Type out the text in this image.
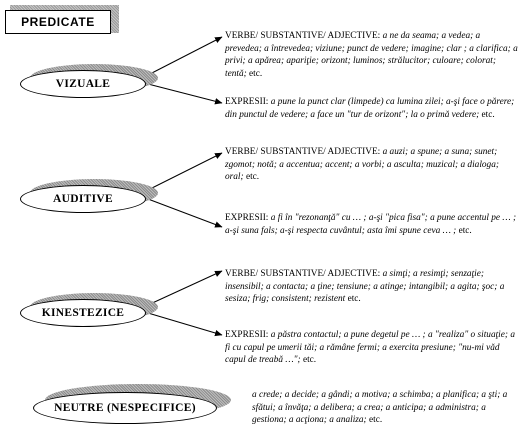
PREDICATE
VIZUALE
AUDITIVE
KINESTEZICE
NEUTRE (NESPECIFICE)
VERBE/ SUBSTANTIVE/ ADJECTIVE: a ne da seama; a vedea; a prevedea; a întrevedea; viziune; punct de vedere; imagine; clar ; a clarifica; a privi; a apărea; apariţie; orizont; luminos; strălucitor; culoare; colorat; tentă; etc.
EXPRESII: a pune la punct clar (limpede) ca lumina zilei; a-şi face o părere; din punctul de vedere; a face un "tur de orizont"; la o primă vedere; etc.
VERBE/ SUBSTANTIVE/ ADJECTIVE: a auzi; a spune; a suna; sunet; zgomot; notă; a accentua; accent; a vorbi; a asculta; muzical; a dialoga; oral; etc.
EXPRESII: a fi în "rezonanţă" cu … ; a-şi "pica fisa"; a pune accentul pe … ; a-şi suna fals; a-şi respecta cuvântul; asta îmi spune ceva … ; etc.
VERBE/ SUBSTANTIVE/ ADJECTIVE: a simţi; a resimţi; senzaţie; insensibil; a contacta; a ţine; tensiune; a atinge; intangibil; a agita; şoc; a sesiza; frig; consistent; rezistent etc.
EXPRESII: a păstra contactul; a pune degetul pe … ; a "realiza" o situaţie; a fi cu capul pe umerii tăi; a rămâne fermi; a exercita presiune; "nu-mi văd capul de treabă …"; etc.
a crede; a decide; a gândi; a motiva; a schimba; a planifica; a şti; a sfătui; a învăţa; a delibera; a crea; a anticipa; a administra; a gestiona; a acţiona; a analiza; etc.
